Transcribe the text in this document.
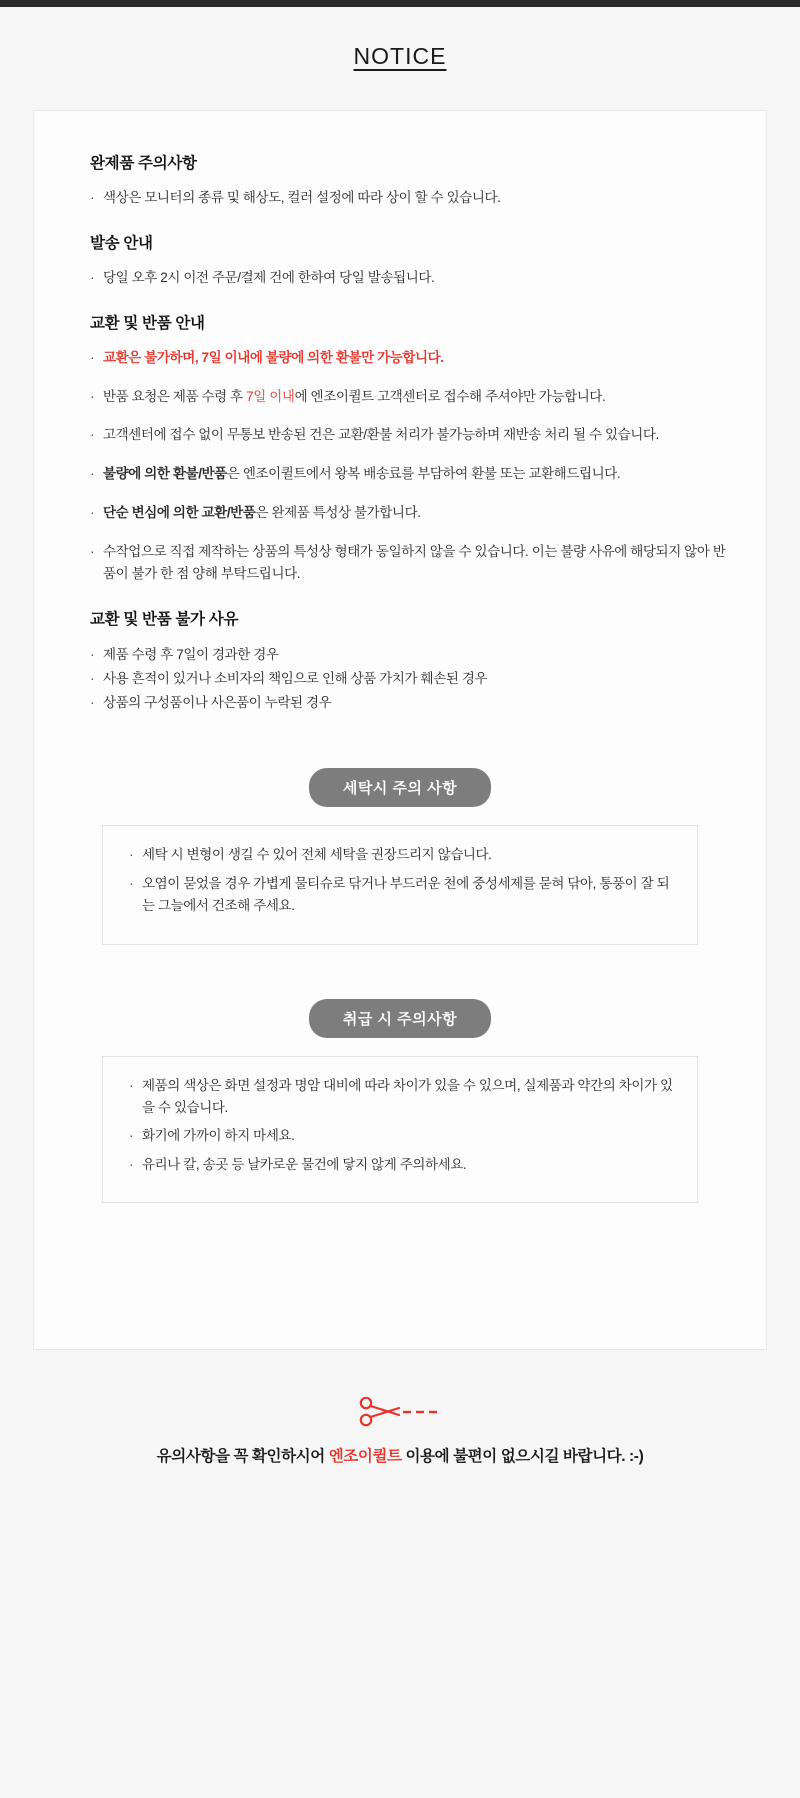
NOTICE
완제품 주의사항
· 색상은 모니터의 종류 및 해상도, 컬러 설정에 따라 상이 할 수 있습니다.
발송 안내
· 당일 오후 2시 이전 주문/결제 건에 한하여 당일 발송됩니다.
교환 및 반품 안내
· 교환은 불가하며, 7일 이내에 불량에 의한 환불만 가능합니다.
· 반품 요청은 제품 수령 후 7일 이내에 엔조이퀼트 고객센터로 접수해 주셔야만 가능합니다.
· 고객센터에 접수 없이 무통보 반송된 건은 교환/환불 처리가 불가능하며 재반송 처리 될 수 있습니다.
· 불량에 의한 환불/반품은 엔조이퀼트에서 왕복 배송료를 부담하여 환불 또는 교환해드립니다.
· 단순 변심에 의한 교환/반품은 완제품 특성상 불가합니다.
· 수작업으로 직접 제작하는 상품의 특성상 형태가 동일하지 않을 수 있습니다. 이는 불량 사유에 해당되지 않아 반품이 불가 한 점 양해 부탁드립니다.
교환 및 반품 불가 사유
· 제품 수령 후 7일이 경과한 경우
· 사용 흔적이 있거나 소비자의 책임으로 인해 상품 가치가 훼손된 경우
· 상품의 구성품이나 사은품이 누락된 경우
세탁시 주의 사항
· 세탁 시 변형이 생길 수 있어 전체 세탁을 권장드리지 않습니다.
· 오염이 묻었을 경우 가볍게 물티슈로 닦거나 부드러운 천에 중성세제를 묻혀 닦아, 통풍이 잘 되는 그늘에서 건조해 주세요.
취급 시 주의사항
· 제품의 색상은 화면 설정과 명암 대비에 따라 차이가 있을 수 있으며, 실제품과 약간의 차이가 있을 수 있습니다.
· 화기에 가까이 하지 마세요.
· 유리나 칼, 송곳 등 날카로운 물건에 닿지 않게 주의하세요.
유의사항을 꼭 확인하시어 엔조이퀼트 이용에 불편이 없으시길 바랍니다. :-)
